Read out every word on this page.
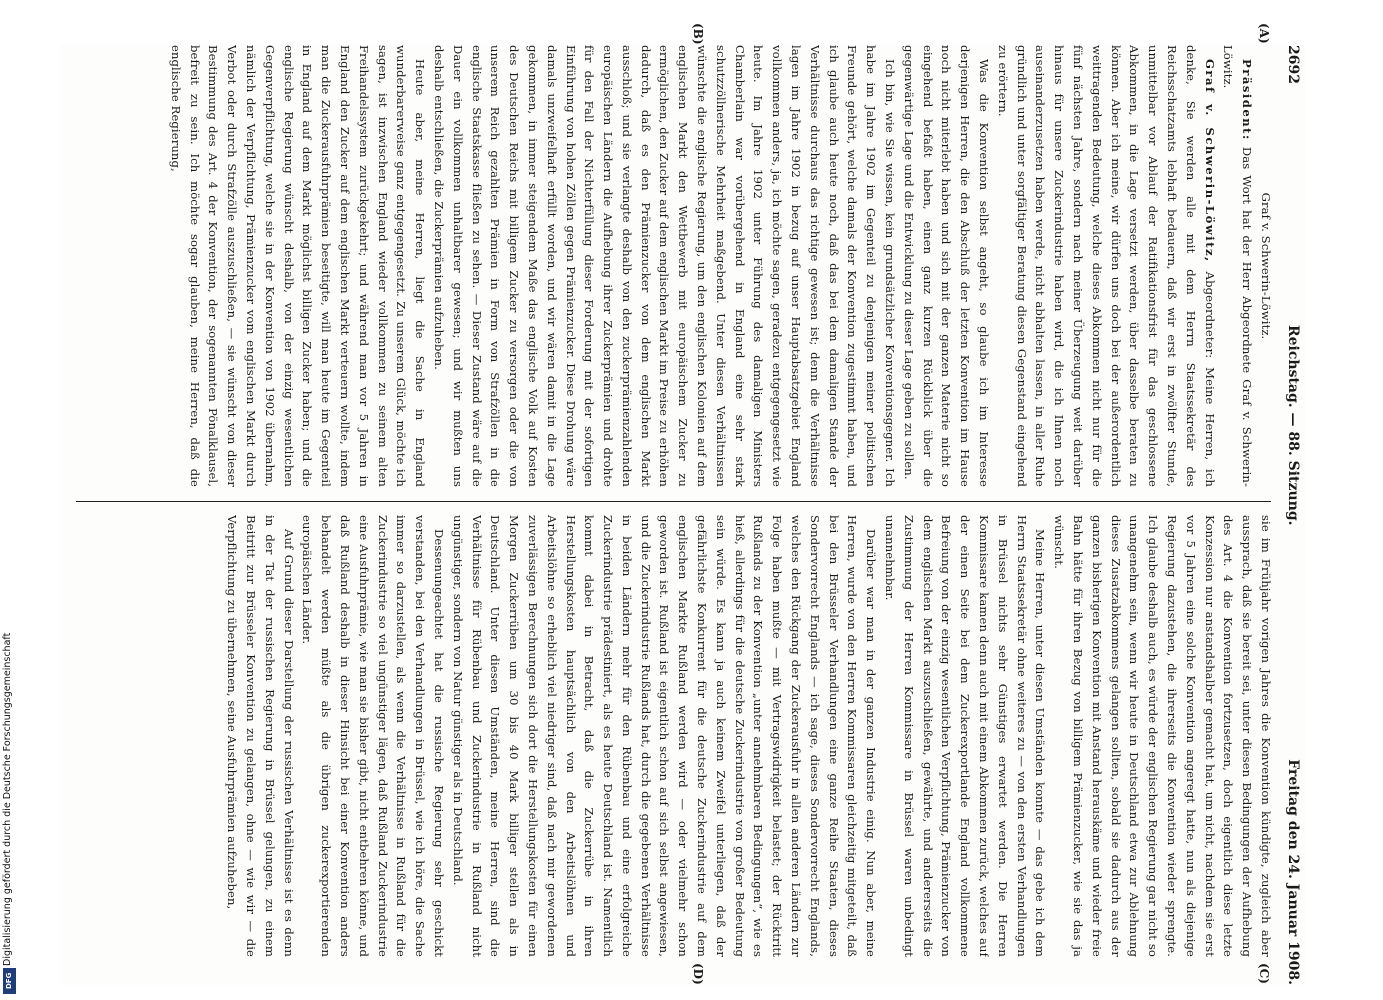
2692
Reichstag. — 88. Sitzung.
Freitag den 24. Januar 1908.
(A)
(B)
(C)
(D)

Graf v. Schwerin-Löwitz.

Präsident: Das Wort hat der Herr Abgeordnete Graf v. Schwerin-Löwitz.

Graf v. Schwerin-Löwitz, Abgeordneter: Meine Herren, ich denke, Sie werden alle mit dem Herrn Staatssekretär des Reichsschatzamts lebhaft bedauern, daß wir erst in zwölfter Stunde, unmittelbar vor Ablauf der Ratifikationsfrist für das geschlossene Abkommen, in die Lage versetzt werden, über dasselbe beraten zu können. Aber ich meine, wir dürfen uns doch bei der außerordentlich weittragenden Bedeutung, welche dieses Abkommen nicht nur für die fünf nächsten Jahre, sondern nach meiner Überzeugung weit darüber hinaus für unsere Zuckerindustrie haben wird, die ich Ihnen noch auseinanderzusetzen haben werde, nicht abhalten lassen, in aller Ruhe gründlich und unter sorgfältiger Beratung diesen Gegenstand eingehend zu erörtern.

Was die Konvention selbst angeht, so glaube ich im Interesse derjenigen Herren, die den Abschluß der letzten Konvention im Hause noch nicht miterlebt haben und sich mit der ganzen Materie nicht so eingehend befaßt haben, einen ganz kurzen Rückblick über die gegenwärtige Lage und die Entwicklung zu dieser Lage geben zu sollen.

Ich bin, wie Sie wissen, kein grundsätzlicher Konventionsgegner. Ich habe im Jahre 1902 im Gegenteil zu denjenigen meiner politischen Freunde gehört, welche damals der Konvention zugestimmt haben, und ich glaube auch heute noch, daß das bei dem damaligen Stande der Verhältnisse durchaus das richtige gewesen ist; denn die Verhältnisse lagen im Jahre 1902 in bezug auf unser Hauptabsatzgebiet England vollkommen anders, ja, ich möchte sagen, geradezu entgegengesetzt wie heute. Im Jahre 1902 unter Führung des damaligen Ministers Chamberlain war vorübergehend in England eine sehr stark schutzzöllnerische Mehrheit maßgebend. Unter diesen Verhältnissen wünschte die englische Regierung, um den englischen Kolonien auf dem englischen Markt den Wettbewerb mit europäischem Zucker zu ermöglichen, den Zucker auf dem englischen Markt im Preise zu erhöhen dadurch, daß es den Prämienzucker von dem englischen Markt ausschloß; und sie verlangte deshalb von den zuckerprämienzahlenden europäischen Ländern die Aufhebung ihrer Zuckerprämien und drohte für den Fall der Nichterfüllung dieser Forderung mit der sofortigen Einführung von hohen Zöllen gegen Prämienzucker. Diese Drohung wäre damals unzweifelhaft erfüllt worden, und wir wären damit in die Lage gekommen, in immer steigendem Maße das englische Volk auf Kosten des Deutschen Reichs mit billigem Zucker zu versorgen oder die von unserem Reich gezahlten Prämien in Form von Strafzöllen in die englische Staatskasse fließen zu sehen. — Dieser Zustand wäre auf die Dauer ein vollkommen unhaltbarer gewesen; und wir mußten uns deshalb entschließen, die Zuckerprämien aufzuheben.

Heute aber, meine Herren, liegt die Sache in England wunderbarerweise ganz entgegengesetzt. Zu unserem Glück, möchte ich sagen, ist inzwischen England wieder vollkommen zu seinem alten Freihandelssystem zurückgekehrt; und während man vor 5 Jahren in England den Zucker auf dem englischen Markt verteuern wollte, indem man die Zuckerausfuhrprämien beseitigte, will man heute im Gegenteil in England auf dem Markt möglichst billigen Zucker haben; und die englische Regierung wünscht deshalb, von der einzig wesentlichen Gegenverpflichtung, welche sie in der Konvention von 1902 übernahm, nämlich der Verpflichtung, Prämienzucker vom englischen Markt durch Verbot oder durch Strafzölle auszuschließen, — sie wünscht von dieser Bestimmung des Art. 4 der Konvention, der sogenannten Pönalklausel, befreit zu sein. Ich möchte sogar glauben, meine Herren, daß die englische Regierung,

sie im Frühjahr vorigen Jahres die Konvention kündigte, zugleich aber aussprach, daß sie bereit sei, unter diesen Bedingungen der Aufhebung des Art. 4 die Konvention fortzusetzen, doch eigentlich diese letzte Konzession nur anstandshalber gemacht hat, um nicht, nachdem sie erst vor 5 Jahren eine solche Konvention angeregt hatte, nun als diejenige Regierung dazustehen, die ihrerseits die Konvention wieder sprengte. Ich glaube deshalb auch, es würde der englischen Regierung gar nicht so unangenehm sein, wenn wir heute in Deutschland etwa zur Ablehnung dieses Zusatzabkommens gelangen sollten, sobald sie dadurch aus der ganzen bisherigen Konvention mit Anstand herauskäme und wieder freie Bahn hätte für ihren Bezug von billigem Prämienzucker, wie sie das ja wünscht.

Meine Herren, unter diesen Umständen konnte — das gebe ich dem Herrn Staatssekretär ohne weiteres zu — von den ersten Verhandlungen in Brüssel nichts sehr Günstiges erwartet werden. Die Herren Kommissare kamen denn auch mit einem Abkommen zurück, welches auf der einen Seite bei dem Zuckerexportlande England vollkommene Befreiung von der einzig wesentlichen Verpflichtung, Prämienzucker von dem englischen Markt auszuschließen, gewährte, und andererseits die Zustimmung der Herren Kommissare in Brüssel waren unbedingt unannehmbar.

Darüber war man in der ganzen Industrie einig. Nun aber, meine Herren, wurde von den Herren Kommissaren gleichzeitig mitgeteilt, daß bei den Brüsseler Verhandlungen eine ganze Reihe Staaten, dieses Sondervorrecht Englands — ich sage, dieses Sondervorrecht Englands, welches den Rückgang der Zuckerausfuhr in allen anderen Ländern zur Folge haben mußte — mit Vertragswidrigkeit belastet; der Rücktritt Rußlands zu der Konvention „unter annehmbaren Bedingungen“, wie es hieß, allerdings für die deutsche Zuckerindustrie von großer Bedeutung sein würde. Es kann ja auch keinem Zweifel unterliegen, daß der gefährlichste Konkurrent für die deutsche Zuckerindustrie auf dem englischen Markte Rußland werden wird — oder vielmehr schon geworden ist. Rußland ist eigentlich schon auf sich selbst angewiesen, und die Zuckerindustrie Rußlands hat, durch die gegebenen Verhältnisse in beiden Ländern mehr für den Rübenbau und eine erfolgreiche Zuckerindustrie prädestiniert, als es heute Deutschland ist. Namentlich kommt dabei in Betracht, daß die Zuckerrübe in ihren Herstellungskosten hauptsächlich von den Arbeitslöhnen und Arbeitslöhne so erheblich viel niedriger sind, daß nach mir gewordenen zuverlässigen Berechnungen sich dort die Herstellungskosten für einen Morgen Zuckerrüben um 30 bis 40 Mark billiger stellen als in Deutschland. Unter diesen Umständen, meine Herren, sind die Verhältnisse für Rübenbau und Zuckerindustrie in Rußland nicht ungünstiger, sondern von Natur günstiger als in Deutschland.

Dessenungeachtet hat die russische Regierung sehr geschickt verstanden, bei den Verhandlungen in Brüssel, wie ich höre, die Sache immer so darzustellen, als wenn die Verhältnisse in Rußland für die Zuckerindustrie so viel ungünstiger lägen, daß Rußland Zuckerindustrie eine Ausfuhrprämie, wie man sie bisher gibt, nicht entbehren könne, und daß Rußland deshalb in dieser Hinsicht bei einer Konvention anders behandelt werden müßte als die übrigen zuckerexportierenden europäischen Länder.

Auf Grund dieser Darstellung der russischen Verhältnisse ist es denn in der Tat der russischen Regierung in Brüssel gelungen, zu einem Beitritt zur Brüsseler Konvention zu gelangen, ohne — wie wir — die Verpflichtung zu übernehmen, seine Ausfuhrprämien aufzuheben,

Digitalisierung gefördert durch die Deutsche Forschungsgemeinschaft
DFG
